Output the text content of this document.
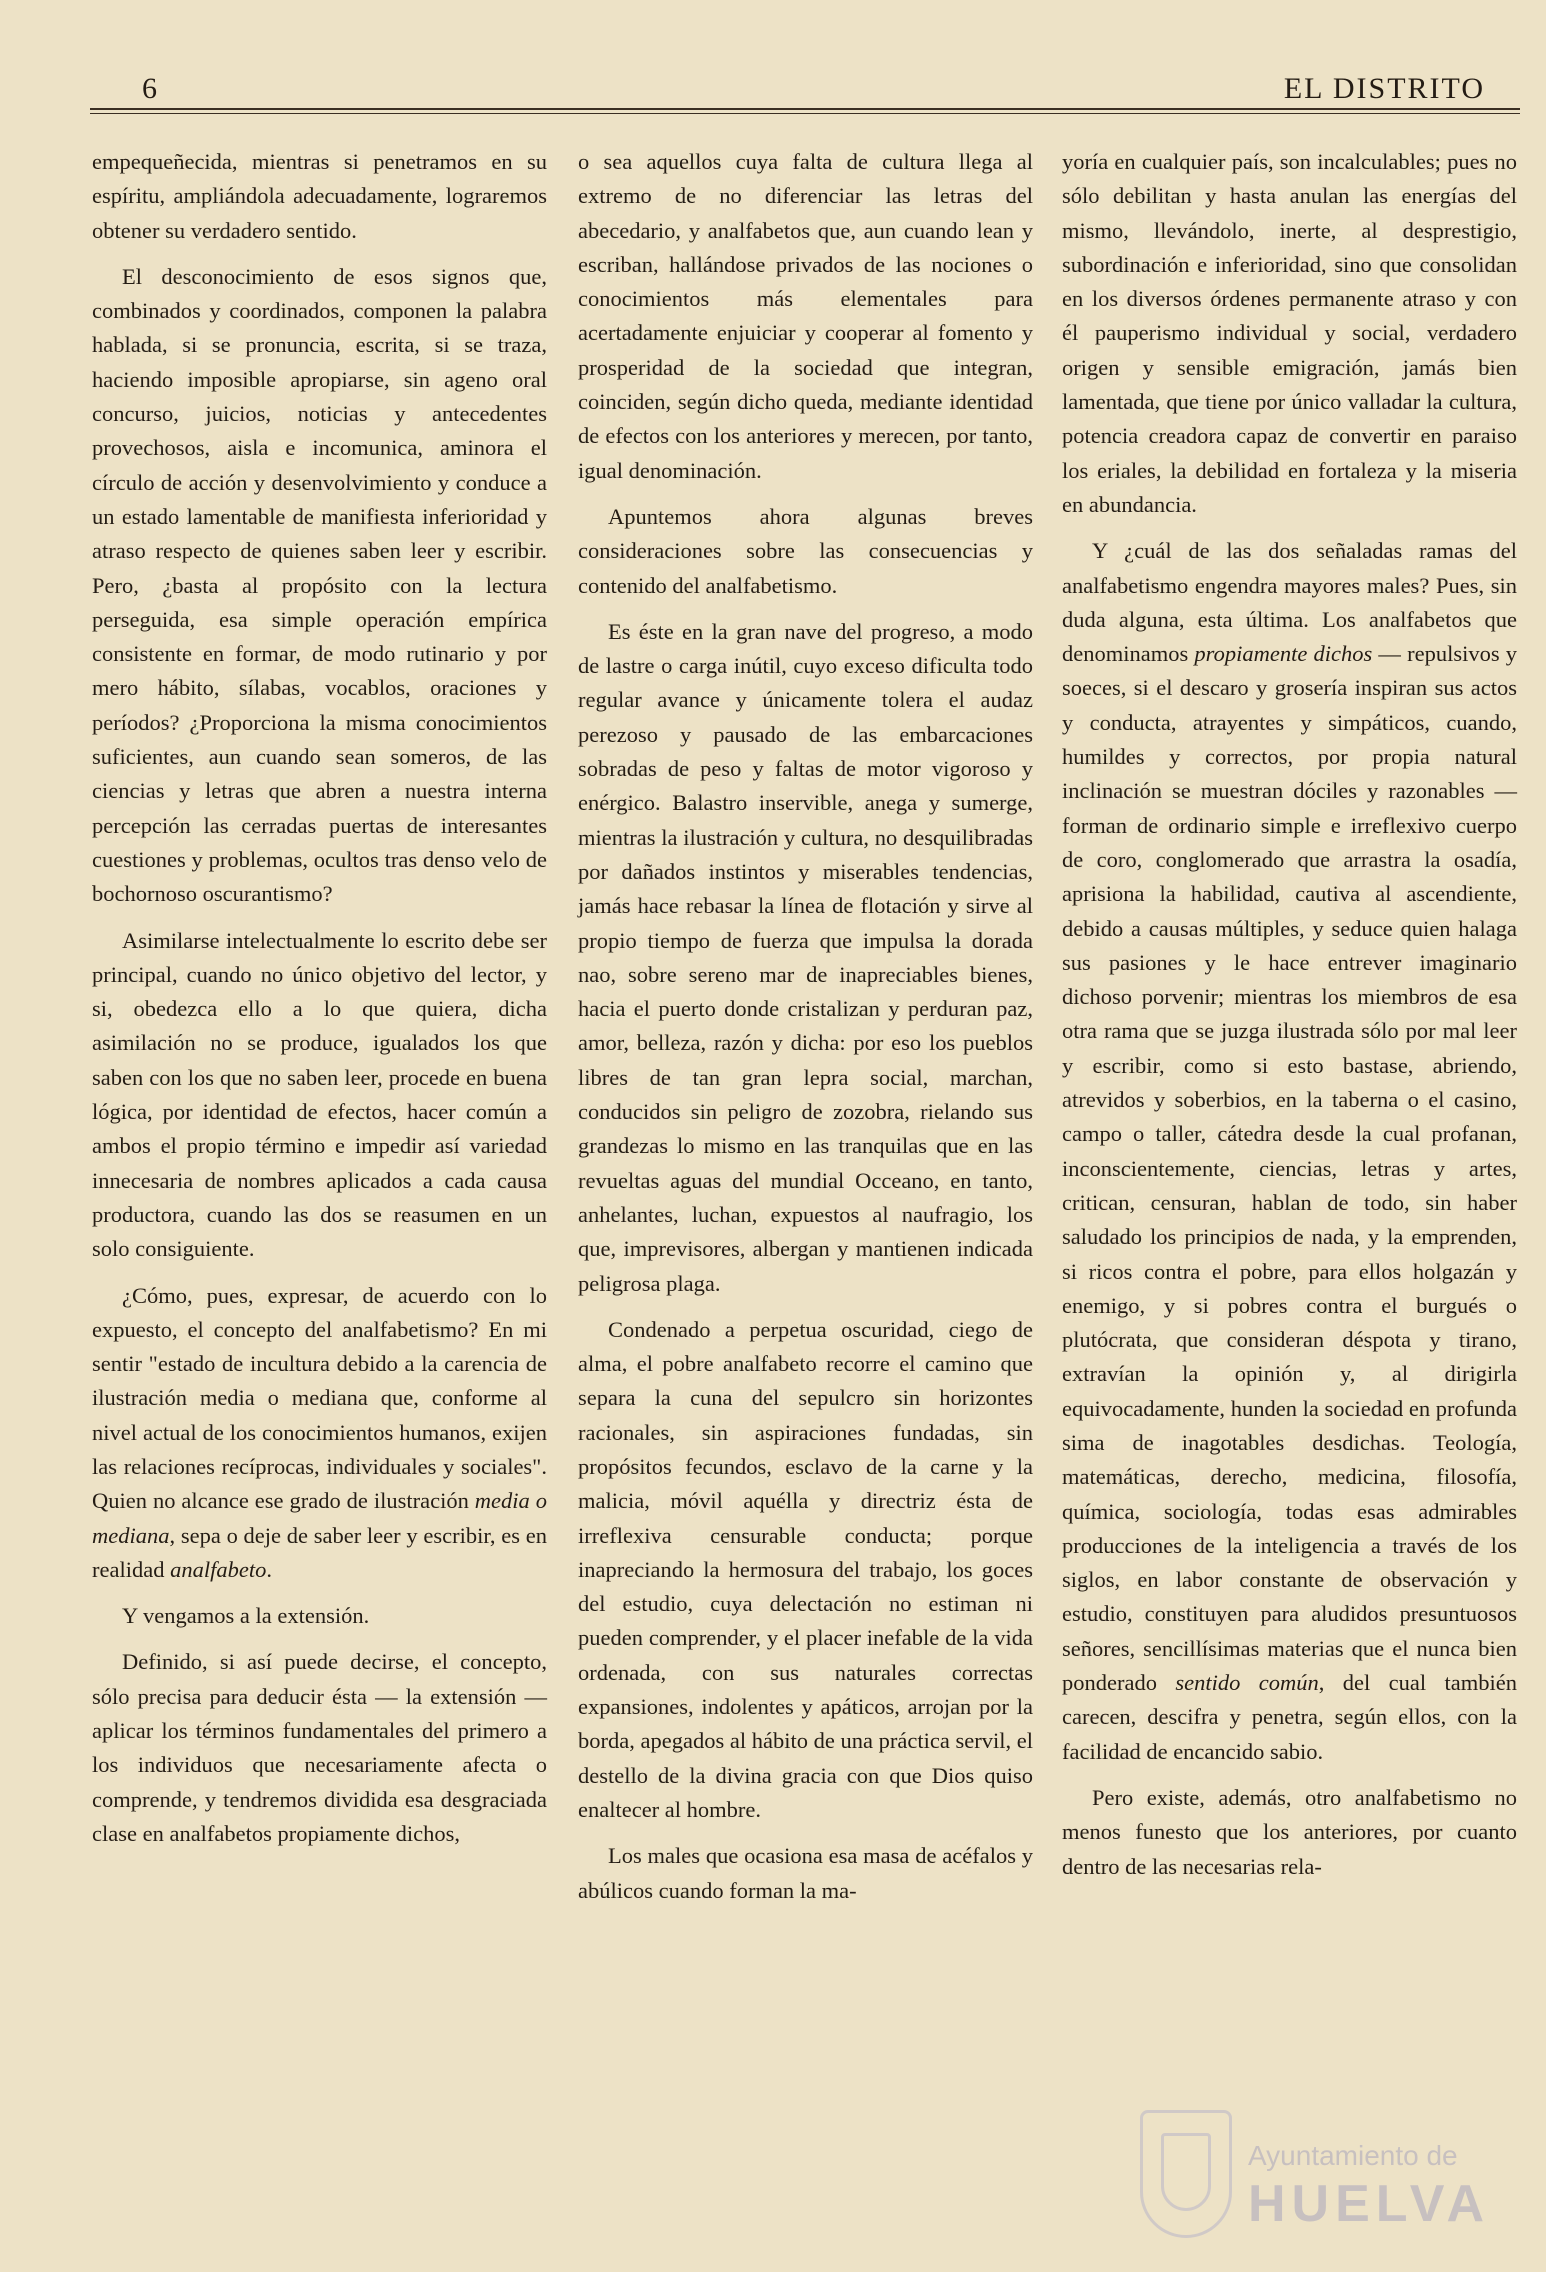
6	EL DISTRITO

empequeñecida, mientras si penetramos en su espíritu, ampliándola adecuadamente, lograremos obtener su verdadero sentido.

El desconocimiento de esos signos que, combinados y coordinados, componen la palabra hablada, si se pronuncia, escrita, si se traza, haciendo imposible apropiarse, sin ageno oral concurso, juicios, noticias y antecedentes provechosos, aisla e incomunica, aminora el círculo de acción y desenvolvimiento y conduce a un estado lamentable de manifiesta inferioridad y atraso respecto de quienes saben leer y escribir. Pero, ¿basta al propósito con la lectura perseguida, esa simple operación empírica consistente en formar, de modo rutinario y por mero hábito, sílabas, vocablos, oraciones y períodos? ¿Proporciona la misma conocimientos suficientes, aun cuando sean someros, de las ciencias y letras que abren a nuestra interna percepción las cerradas puertas de interesantes cuestiones y problemas, ocultos tras denso velo de bochornoso oscurantismo?

Asimilarse intelectualmente lo escrito debe ser principal, cuando no único objetivo del lector, y si, obedezca ello a lo que quiera, dicha asimilación no se produce, igualados los que saben con los que no saben leer, procede en buena lógica, por identidad de efectos, hacer común a ambos el propio término e impedir así variedad innecesaria de nombres aplicados a cada causa productora, cuando las dos se reasumen en un solo consiguiente.

¿Cómo, pues, expresar, de acuerdo con lo expuesto, el concepto del analfabetismo? En mi sentir "estado de incultura debido a la carencia de ilustración media o mediana que, conforme al nivel actual de los conocimientos humanos, exijen las relaciones recíprocas, individuales y sociales". Quien no alcance ese grado de ilustración media o mediana, sepa o deje de saber leer y escribir, es en realidad analfabeto.

Y vengamos a la extensión.

Definido, si así puede decirse, el concepto, sólo precisa para deducir ésta — la extensión — aplicar los términos fundamentales del primero a los individuos que necesariamente afecta o comprende, y tendremos dividida esa desgraciada clase en analfabetos propiamente dichos,

o sea aquellos cuya falta de cultura llega al extremo de no diferenciar las letras del abecedario, y analfabetos que, aun cuando lean y escriban, hallándose privados de las nociones o conocimientos más elementales para acertadamente enjuiciar y cooperar al fomento y prosperidad de la sociedad que integran, coinciden, según dicho queda, mediante identidad de efectos con los anteriores y merecen, por tanto, igual denominación.

Apuntemos ahora algunas breves consideraciones sobre las consecuencias y contenido del analfabetismo.

Es éste en la gran nave del progreso, a modo de lastre o carga inútil, cuyo exceso dificulta todo regular avance y únicamente tolera el audaz perezoso y pausado de las embarcaciones sobradas de peso y faltas de motor vigoroso y enérgico. Balastro inservible, anega y sumerge, mientras la ilustración y cultura, no desquilibradas por dañados instintos y miserables tendencias, jamás hace rebasar la línea de flotación y sirve al propio tiempo de fuerza que impulsa la dorada nao, sobre sereno mar de inapreciables bienes, hacia el puerto donde cristalizan y perduran paz, amor, belleza, razón y dicha: por eso los pueblos libres de tan gran lepra social, marchan, conducidos sin peligro de zozobra, rielando sus grandezas lo mismo en las tranquilas que en las revueltas aguas del mundial Occeano, en tanto, anhelantes, luchan, expuestos al naufragio, los que, imprevisores, albergan y mantienen indicada peligrosa plaga.

Condenado a perpetua oscuridad, ciego de alma, el pobre analfabeto recorre el camino que separa la cuna del sepulcro sin horizontes racionales, sin aspiraciones fundadas, sin propósitos fecundos, esclavo de la carne y la malicia, móvil aquélla y directriz ésta de irreflexiva censurable conducta; porque inapreciando la hermosura del trabajo, los goces del estudio, cuya delectación no estiman ni pueden comprender, y el placer inefable de la vida ordenada, con sus naturales correctas expansiones, indolentes y apáticos, arrojan por la borda, apegados al hábito de una práctica servil, el destello de la divina gracia con que Dios quiso enaltecer al hombre.

Los males que ocasiona esa masa de acéfalos y abúlicos cuando forman la ma-

yoría en cualquier país, son incalculables; pues no sólo debilitan y hasta anulan las energías del mismo, llevándolo, inerte, al desprestigio, subordinación e inferioridad, sino que consolidan en los diversos órdenes permanente atraso y con él pauperismo individual y social, verdadero origen y sensible emigración, jamás bien lamentada, que tiene por único valladar la cultura, potencia creadora capaz de convertir en paraiso los eriales, la debilidad en fortaleza y la miseria en abundancia.

Y ¿cuál de las dos señaladas ramas del analfabetismo engendra mayores males? Pues, sin duda alguna, esta última. Los analfabetos que denominamos propiamente dichos — repulsivos y soeces, si el descaro y grosería inspiran sus actos y conducta, atrayentes y simpáticos, cuando, humildes y correctos, por propia natural inclinación se muestran dóciles y razonables — forman de ordinario simple e irreflexivo cuerpo de coro, conglomerado que arrastra la osadía, aprisiona la habilidad, cautiva al ascendiente, debido a causas múltiples, y seduce quien halaga sus pasiones y le hace entrever imaginario dichoso porvenir; mientras los miembros de esa otra rama que se juzga ilustrada sólo por mal leer y escribir, como si esto bastase, abriendo, atrevidos y soberbios, en la taberna o el casino, campo o taller, cátedra desde la cual profanan, inconscientemente, ciencias, letras y artes, critican, censuran, hablan de todo, sin haber saludado los principios de nada, y la emprenden, si ricos contra el pobre, para ellos holgazán y enemigo, y si pobres contra el burgués o plutócrata, que consideran déspota y tirano, extravían la opinión y, al dirigirla equivocadamente, hunden la sociedad en profunda sima de inagotables desdichas. Teología, matemáticas, derecho, medicina, filosofía, química, sociología, todas esas admirables producciones de la inteligencia a través de los siglos, en labor constante de observación y estudio, constituyen para aludidos presuntuosos señores, sencillísimas materias que el nunca bien ponderado sentido común, del cual también carecen, descifra y penetra, según ellos, con la facilidad de encancido sabio.

Pero existe, además, otro analfabetismo no menos funesto que los anteriores, por cuanto dentro de las necesarias rela-

Ayuntamiento de
HUELVA
